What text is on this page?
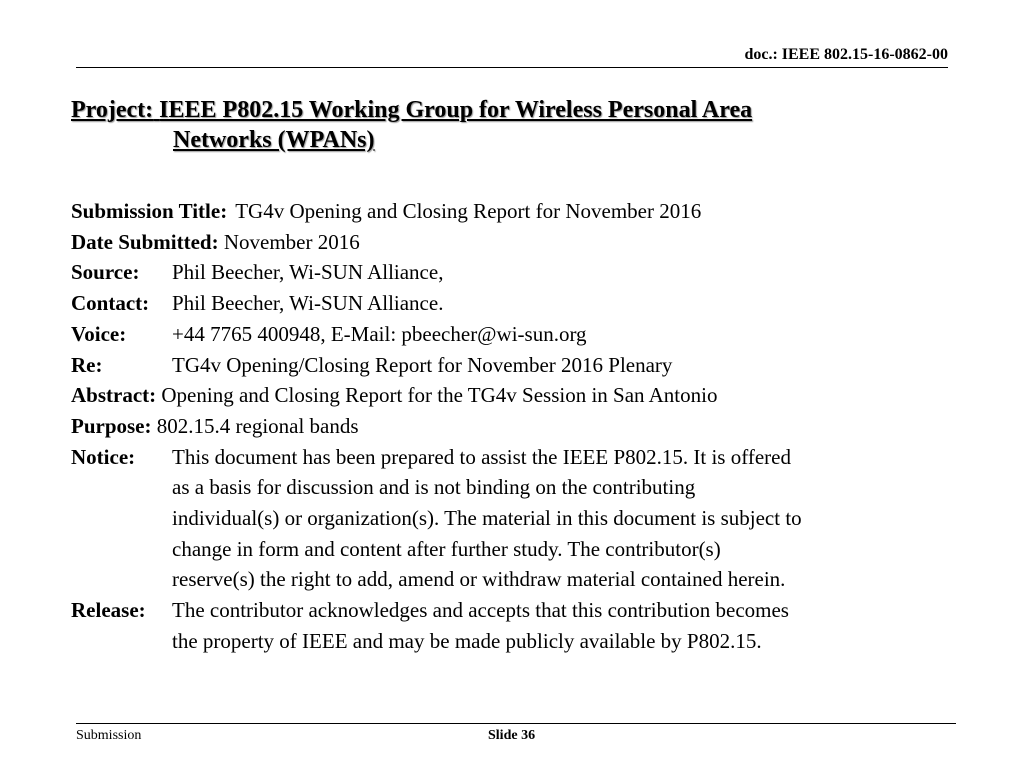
doc.: IEEE 802.15-16-0862-00
Project: IEEE P802.15 Working Group for Wireless Personal Area
Networks (WPANs)
Submission Title: TG4v Opening and Closing Report for November 2016
Date Submitted: November 2016
Source:	Phil Beecher, Wi-SUN Alliance,
Contact:	Phil Beecher, Wi-SUN Alliance.
Voice:	+44 7765 400948, E-Mail: pbeecher@wi-sun.org
Re:	TG4v Opening/Closing Report for November 2016 Plenary
Abstract: Opening and Closing Report for the TG4v Session in San Antonio
Purpose: 802.15.4 regional bands
Notice:	This document has been prepared to assist the IEEE P802.15. It is offered
as a basis for discussion and is not binding on the contributing
individual(s) or organization(s). The material in this document is subject to
change in form and content after further study. The contributor(s)
reserve(s) the right to add, amend or withdraw material contained herein.
Release:	The contributor acknowledges and accepts that this contribution becomes
the property of IEEE and may be made publicly available by P802.15.
Submission	Slide 36
